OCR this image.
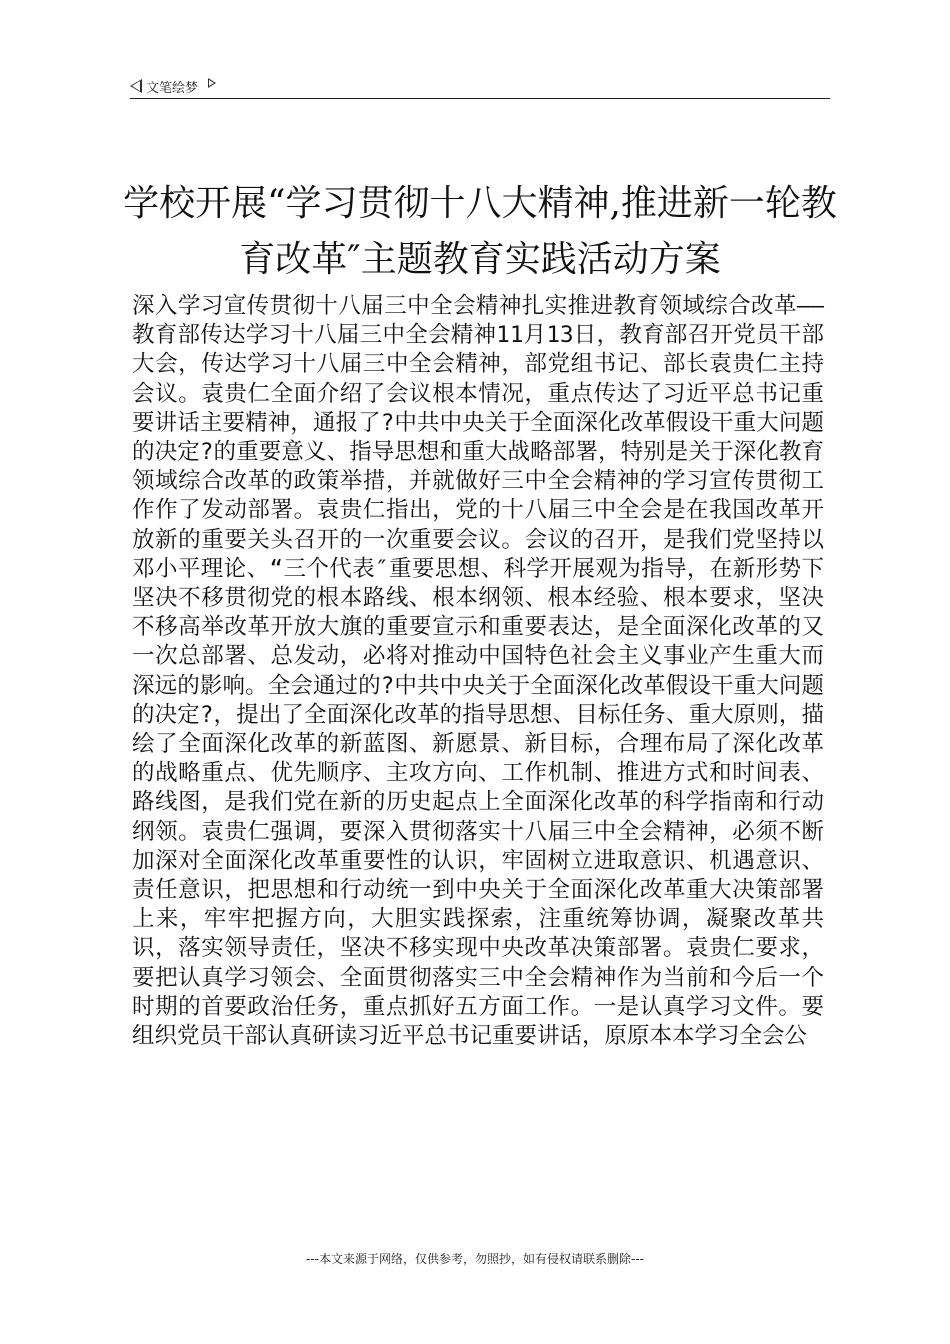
文笔绘梦
学校开展“学习贯彻十八大精神,推进新一轮教育改革″主题教育实践活动方案

深入学习宣传贯彻十八届三中全会精神扎实推进教育领域综合改革——教育部传达学习十八届三中全会精神11月13日，教育部召开党员干部大会，传达学习十八届三中全会精神，部党组书记、部长袁贵仁主持会议。袁贵仁全面介绍了会议根本情况，重点传达了习近平总书记重要讲话主要精神，通报了?中共中央关于全面深化改革假设干重大问题的决定?的重要意义、指导思想和重大战略部署，特别是关于深化教育领域综合改革的政策举措，并就做好三中全会精神的学习宣传贯彻工作作了发动部署。袁贵仁指出，党的十八届三中全会是在我国改革开放新的重要关头召开的一次重要会议。会议的召开，是我们党坚持以邓小平理论、“三个代表″重要思想、科学开展观为指导，在新形势下坚决不移贯彻党的根本路线、根本纲领、根本经验、根本要求，坚决不移高举改革开放大旗的重要宣示和重要表达，是全面深化改革的又一次总部署、总发动，必将对推动中国特色社会主义事业产生重大而深远的影响。全会通过的?中共中央关于全面深化改革假设干重大问题的决定?，提出了全面深化改革的指导思想、目标任务、重大原则，描绘了全面深化改革的新蓝图、新愿景、新目标，合理布局了深化改革的战略重点、优先顺序、主攻方向、工作机制、推进方式和时间表、路线图，是我们党在新的历史起点上全面深化改革的科学指南和行动纲领。袁贵仁强调，要深入贯彻落实十八届三中全会精神，必须不断加深对全面深化改革重要性的认识，牢固树立进取意识、机遇意识、责任意识，把思想和行动统一到中央关于全面深化改革重大决策部署上来，牢牢把握方向，大胆实践探索，注重统筹协调，凝聚改革共识，落实领导责任，坚决不移实现中央改革决策部署。袁贵仁要求，要把认真学习领会、全面贯彻落实三中全会精神作为当前和今后一个时期的首要政治任务，重点抓好五方面工作。一是认真学习文件。要组织党员干部认真研读习近平总书记重要讲话，原原本本学习全会公

---本文来源于网络，仅供参考，勿照抄，如有侵权请联系删除---
